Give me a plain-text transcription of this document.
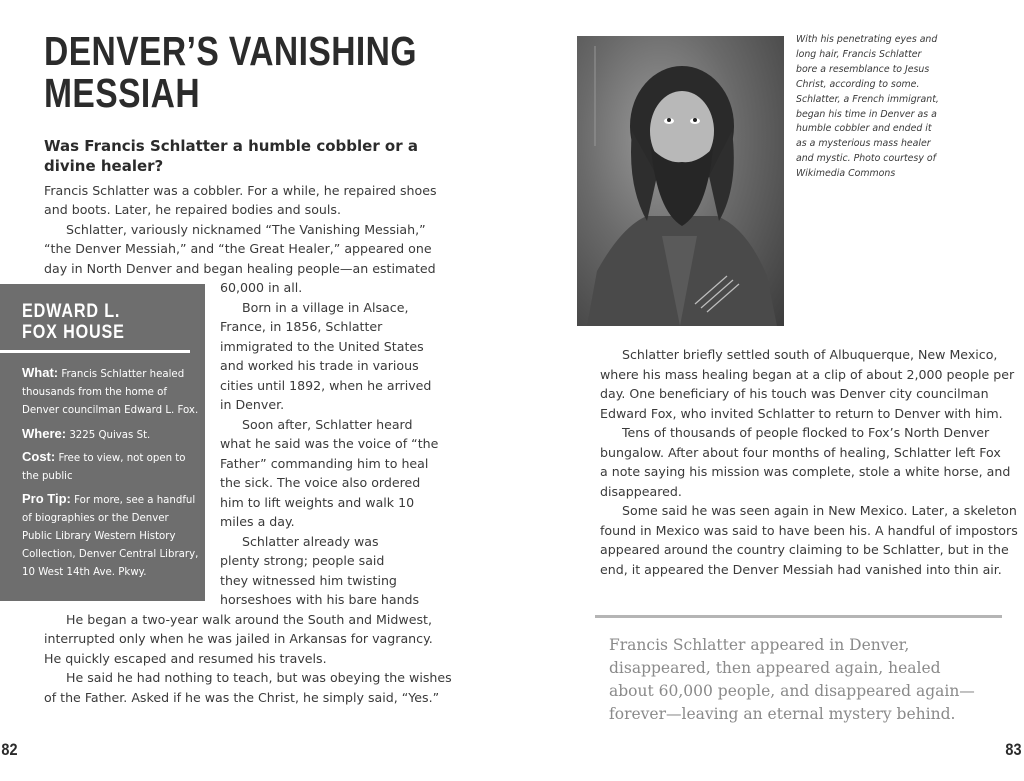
DENVER’S VANISHING
MESSIAH
Was Francis Schlatter a humble cobbler or a divine healer?

Francis Schlatter was a cobbler. For a while, he repaired shoes

and boots. Later, he repaired bodies and souls.

Schlatter, variously nicknamed “The Vanishing Messiah,”

“the Denver Messiah,” and “the Great Healer,” appeared one

day in North Denver and began healing people—an estimated

60,000 in all.

Born in a village in Alsace,

France, in 1856, Schlatter

immigrated to the United States

and worked his trade in various

cities until 1892, when he arrived

in Denver.

Soon after, Schlatter heard

what he said was the voice of “the

Father” commanding him to heal

the sick. The voice also ordered

him to lift weights and walk 10

miles a day.

Schlatter already was

plenty strong; people said

they witnessed him twisting

horseshoes with his bare hands

He began a two-year walk around the South and Midwest,

interrupted only when he was jailed in Arkansas for vagrancy.

He quickly escaped and resumed his travels.

He said he had nothing to teach, but was obeying the wishes

of the Father. Asked if he was the Christ, he simply said, “Yes.”

EDWARD L.
FOX HOUSE

What: Francis Schlatter healed thousands from the home of Denver councilman Edward L. Fox.

Where: 3225 Quivas St.

Cost: Free to view, not open to the public

Pro Tip: For more, see a handful of biographies or the Denver Public Library Western History Collection, Denver Central Library, 10 West 14th Ave. Pkwy.

82

With his penetrating eyes and

long hair, Francis Schlatter

bore a resemblance to Jesus

Christ, according to some.

Schlatter, a French immigrant,

began his time in Denver as a

humble cobbler and ended it

as a mysterious mass healer

and mystic. Photo courtesy of

Wikimedia Commons

Schlatter briefly settled south of Albuquerque, New Mexico,

where his mass healing began at a clip of about 2,000 people per

day. One beneficiary of his touch was Denver city councilman

Edward Fox, who invited Schlatter to return to Denver with him.

Tens of thousands of people flocked to Fox’s North Denver

bungalow. After about four months of healing, Schlatter left Fox

a note saying his mission was complete, stole a white horse, and

disappeared.

Some said he was seen again in New Mexico. Later, a skeleton

found in Mexico was said to have been his. A handful of impostors

appeared around the country claiming to be Schlatter, but in the

end, it appeared the Denver Messiah had vanished into thin air.

Francis Schlatter appeared in Denver,

disappeared, then appeared again, healed

about 60,000 people, and disappeared again—

forever—leaving an eternal mystery behind.

83
